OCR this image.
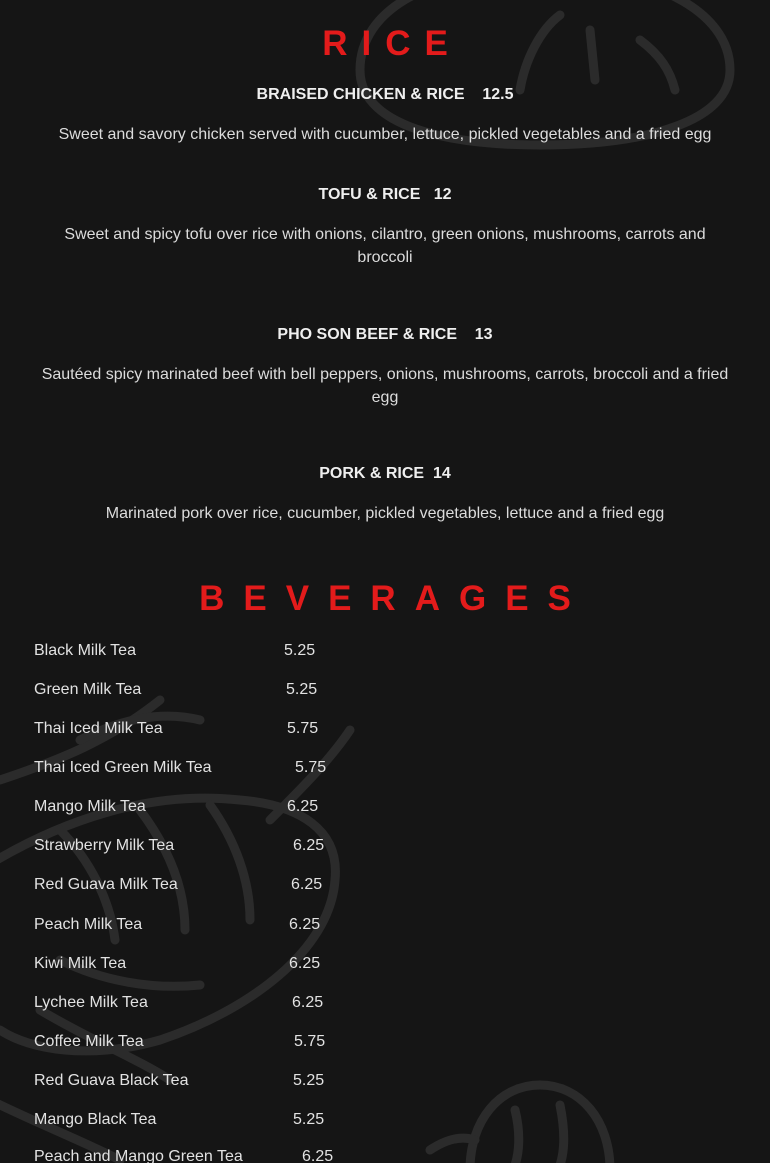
RICE
BRAISED CHICKEN & RICE    12.5
Sweet and savory chicken served with cucumber, lettuce, pickled vegetables and a fried egg
TOFU & RICE   12
Sweet and spicy tofu over rice with onions, cilantro, green onions, mushrooms, carrots and broccoli
PHO SON BEEF & RICE    13
Sautéed spicy marinated beef with bell peppers, onions, mushrooms, carrots, broccoli and a fried egg
PORK & RICE  14
Marinated pork over rice, cucumber, pickled vegetables, lettuce and a fried egg
BEVERAGES
Black Milk Tea	5.25
Green Milk Tea	5.25
Thai Iced Milk Tea	5.75
Thai Iced Green Milk Tea	5.75
Mango Milk Tea	6.25
Strawberry Milk Tea	6.25
Red Guava Milk Tea	6.25
Peach Milk Tea	6.25
Kiwi Milk Tea	6.25
Lychee Milk Tea	6.25
Coffee Milk Tea	5.75
Red Guava Black Tea	5.25
Mango Black Tea	5.25
Peach and Mango Green Tea	6.25
